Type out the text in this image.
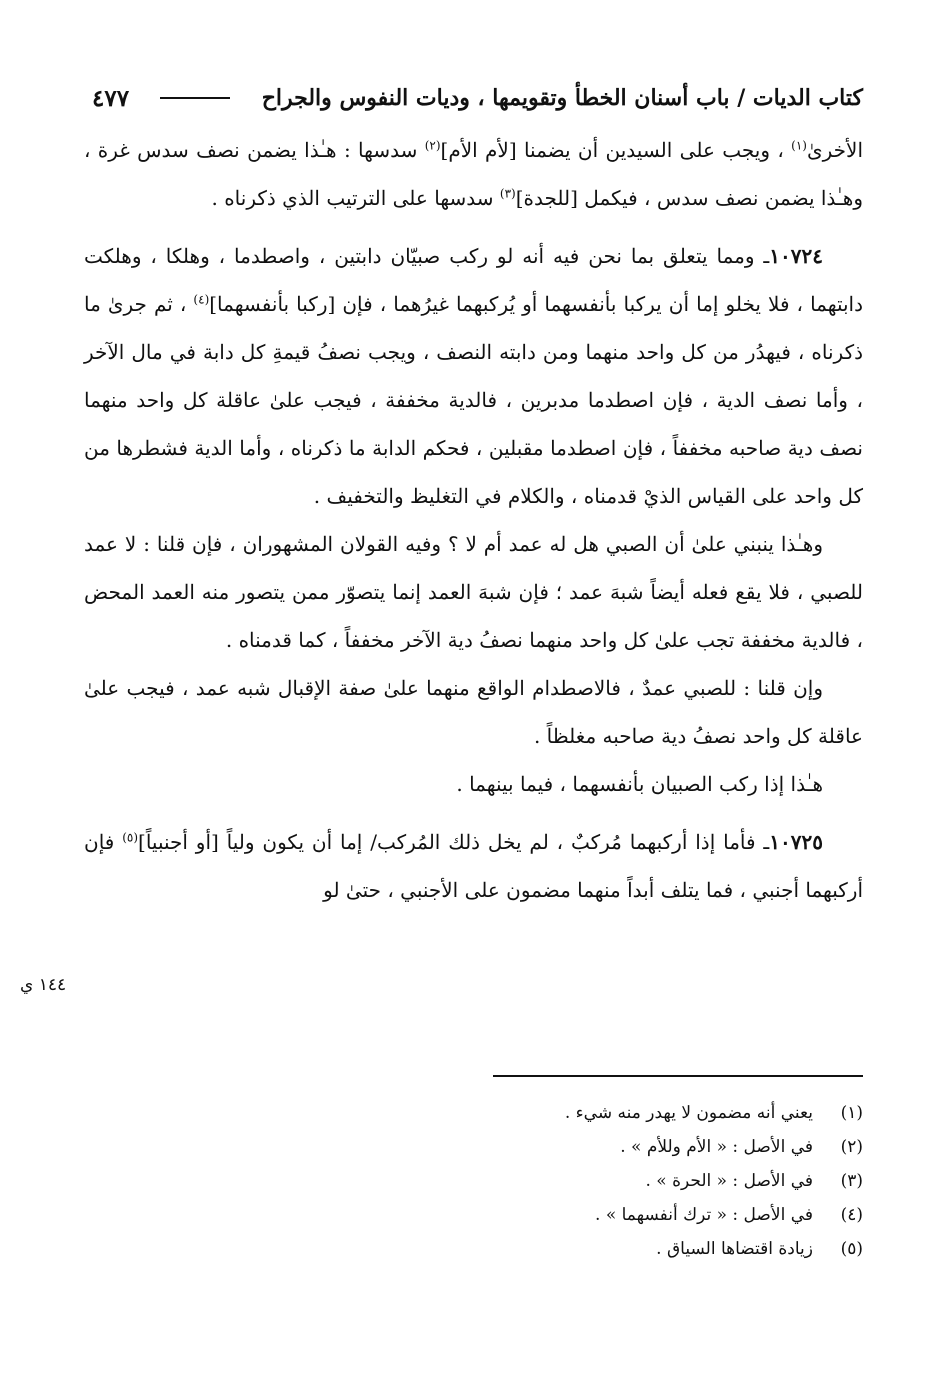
كتاب الديات / باب أسنان الخطأ وتقويمها ، وديات النفوس والجراح
٤٧٧

الأخرىٰ$^{(١)}$ ، ويجب على السيدين أن يضمنا [لأم الأم]$^{(٢)}$ سدسها : هـٰذا يضمن نصف سدس غرة ، وهـٰذا يضمن نصف سدس ، فيكمل [للجدة]$^{(٣)}$ سدسها على الترتيب الذي ذكرناه .

١٠٧٢٤ـ ومما يتعلق بما نحن فيه أنه لو ركب صبيّان دابتين ، واصطدما ، وهلكا ، وهلكت دابتهما ، فلا يخلو إما أن يركبا بأنفسهما أو يُركبهما غيرُهما ، فإن [ركبا بأنفسهما]$^{(٤)}$ ، ثم جرىٰ ما ذكرناه ، فيهدُر من كل واحد منهما ومن دابته النصف ، ويجب نصفُ قيمةِ كل دابة في مال الآخر ، وأما نصف الدية ، فإن اصطدما مدبرين ، فالدية مخففة ، فيجب علىٰ عاقلة كل واحد منهما نصف دية صاحبه مخففاً ، فإن اصطدما مقبلين ، فحكم الدابة ما ذكرناه ، وأما الدية فشطرها من كل واحد على القياس الذيْ قدمناه ، والكلام في التغليظ والتخفيف .

وهـٰذا ينبني علىٰ أن الصبي هل له عمد أم لا ؟ وفيه القولان المشهوران ، فإن قلنا : لا عمد للصبي ، فلا يقع فعله أيضاً شبهَ عمد ؛ فإن شبهَ العمد إنما يتصوّر ممن يتصور منه العمد المحض ، فالدية مخففة تجب علىٰ كل واحد منهما نصفُ دية الآخر مخففاً ، كما قدمناه .

وإن قلنا : للصبي عمدٌ ، فالاصطدام الواقع منهما علىٰ صفة الإقبال شبه عمد ، فيجب علىٰ عاقلة كل واحد نصفُ دية صاحبه مغلظاً .

هـٰذا إذا ركب الصبيان بأنفسهما ، فيما بينهما .

١٠٧٢٥ـ فأما إذا أركبهما مُركبٌ ، لم يخل ذلك المُركب/ إما أن يكون ولياً [أو أجنبياً]$^{(٥)}$ فإن أركبهما أجنبي ، فما يتلف أبداً منهما مضمون على الأجنبي ، حتىٰ لو

١٤٤ ي
(١)
يعني أنه مضمون لا يهدر منه شيء .
(٢)
في الأصل : « الأم وللأم » .
(٣)
في الأصل : « الحرة » .
(٤)
في الأصل : « ترك أنفسهما » .
(٥)
زيادة اقتضاها السياق .
